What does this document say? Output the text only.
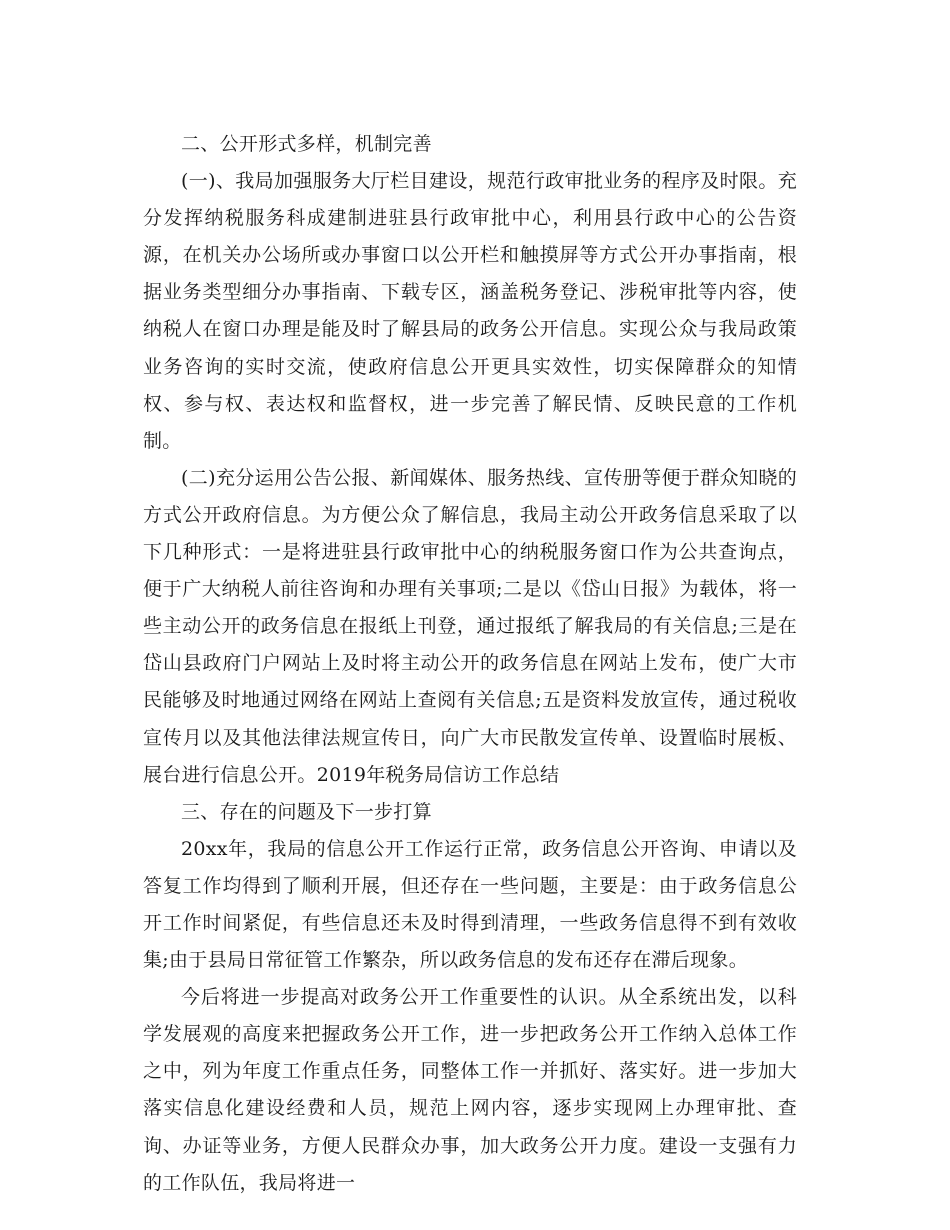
二、公开形式多样，机制完善

(一)、我局加强服务大厅栏目建设，规范行政审批业务的程序及时限。充分发挥纳税服务科成建制进驻县行政审批中心，利用县行政中心的公告资源，在机关办公场所或办事窗口以公开栏和触摸屏等方式公开办事指南，根据业务类型细分办事指南、下载专区，涵盖税务登记、涉税审批等内容，使纳税人在窗口办理是能及时了解县局的政务公开信息。实现公众与我局政策业务咨询的实时交流，使政府信息公开更具实效性，切实保障群众的知情权、参与权、表达权和监督权，进一步完善了解民情、反映民意的工作机制。

(二)充分运用公告公报、新闻媒体、服务热线、宣传册等便于群众知晓的方式公开政府信息。为方便公众了解信息，我局主动公开政务信息采取了以下几种形式：一是将进驻县行政审批中心的纳税服务窗口作为公共查询点，便于广大纳税人前往咨询和办理有关事项;二是以《岱山日报》为载体，将一些主动公开的政务信息在报纸上刊登，通过报纸了解我局的有关信息;三是在岱山县政府门户网站上及时将主动公开的政务信息在网站上发布，使广大市民能够及时地通过网络在网站上查阅有关信息;五是资料发放宣传，通过税收宣传月以及其他法律法规宣传日，向广大市民散发宣传单、设置临时展板、展台进行信息公开。2019年税务局信访工作总结

三、存在的问题及下一步打算

20xx年，我局的信息公开工作运行正常，政务信息公开咨询、申请以及答复工作均得到了顺利开展，但还存在一些问题，主要是：由于政务信息公开工作时间紧促，有些信息还未及时得到清理，一些政务信息得不到有效收集;由于县局日常征管工作繁杂，所以政务信息的发布还存在滞后现象。

今后将进一步提高对政务公开工作重要性的认识。从全系统出发，以科学发展观的高度来把握政务公开工作，进一步把政务公开工作纳入总体工作之中，列为年度工作重点任务，同整体工作一并抓好、落实好。进一步加大落实信息化建设经费和人员，规范上网内容，逐步实现网上办理审批、查询、办证等业务，方便人民群众办事，加大政务公开力度。建设一支强有力的工作队伍，我局将进一
